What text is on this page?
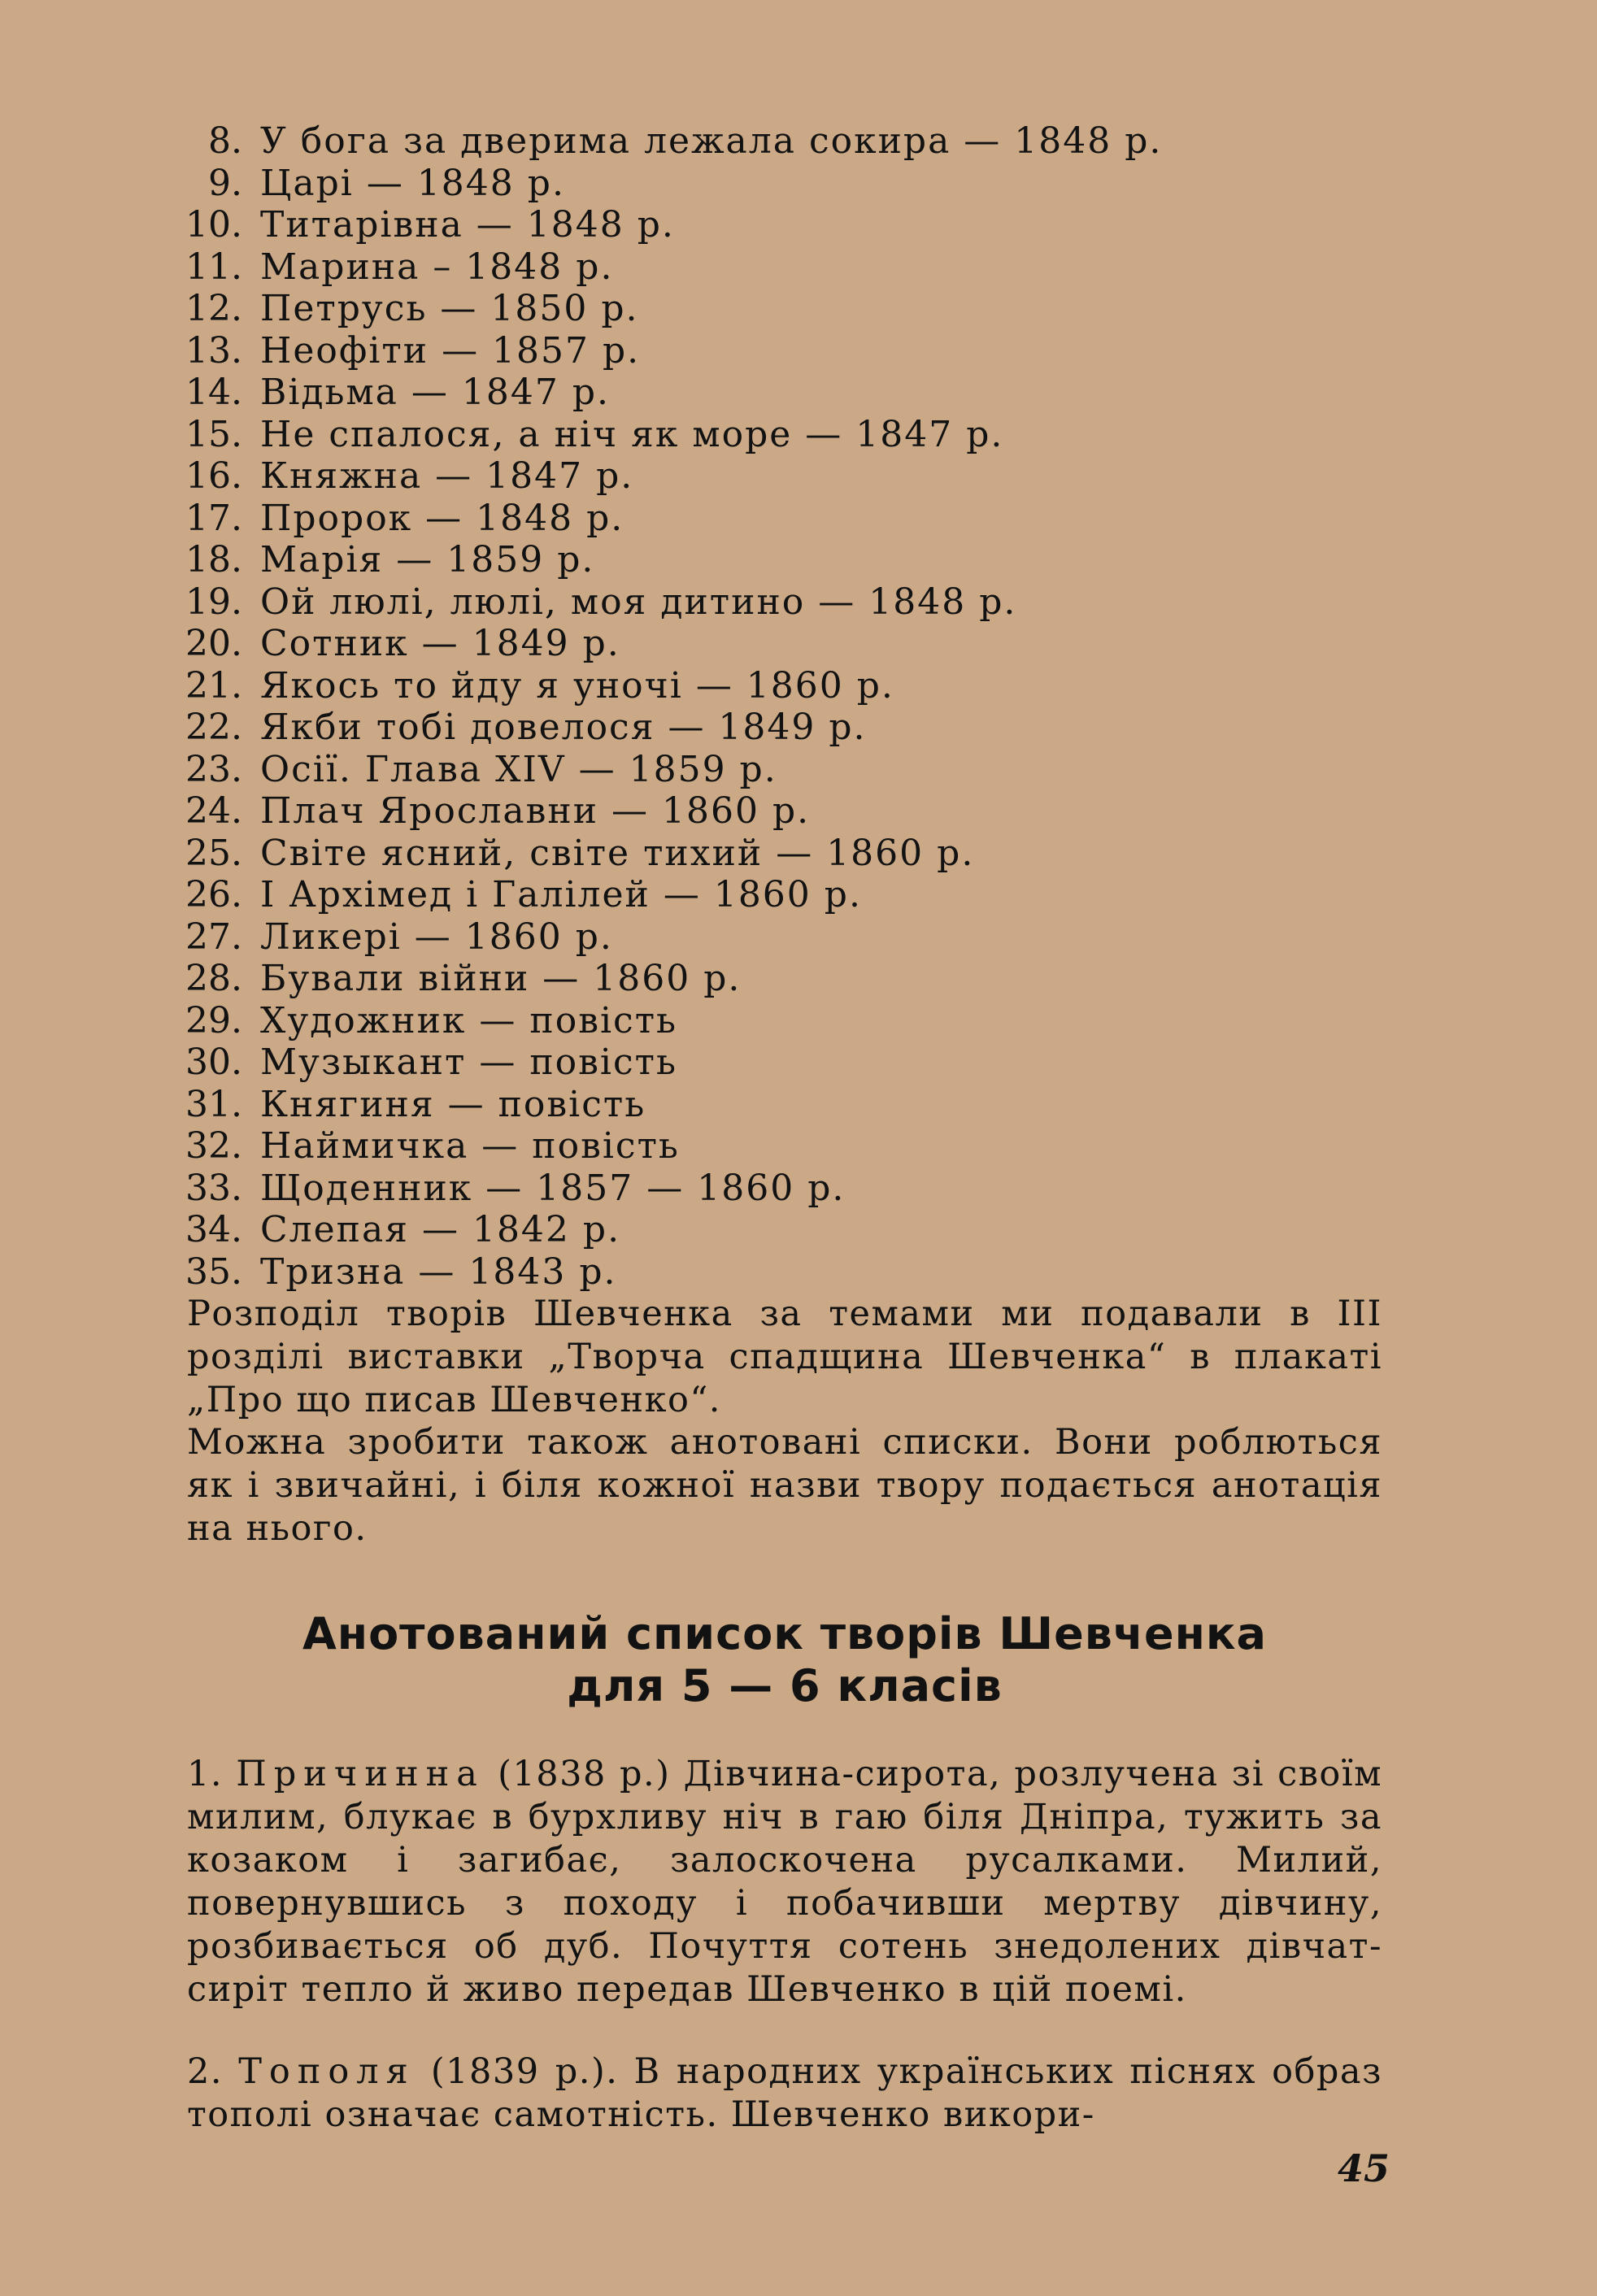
8. У бога за дверима лежала сокира — 1848 р.
9. Царі — 1848 р.
10. Титарівна — 1848 р.
11. Марина – 1848 р.
12. Петрусь — 1850 р.
13. Неофіти — 1857 р.
14. Відьма — 1847 р.
15. Не спалося, а ніч як море — 1847 р.
16. Княжна — 1847 р.
17. Пророк — 1848 р.
18. Марія — 1859 р.
19. Ой люлі, люлі, моя дитино — 1848 р.
20. Сотник — 1849 р.
21. Якось то йду я уночі — 1860 р.
22. Якби тобі довелося — 1849 р.
23. Осії. Глава XIV — 1859 р.
24. Плач Ярославни — 1860 р.
25. Світе ясний, світе тихий — 1860 р.
26. І Архімед і Галілей — 1860 р.
27. Ликері — 1860 р.
28. Бували війни — 1860 р.
29. Художник — повість
30. Музыкант — повість
31. Княгиня — повість
32. Наймичка — повість
33. Щоденник — 1857 — 1860 р.
34. Слепая — 1842 р.
35. Тризна — 1843 р.

Розподіл творів Шевченка за темами ми подавали в ІІІ розділі виставки „Творча спадщина Шевченка“ в плакаті „Про що писав Шевченко“.

Можна зробити також анотовані списки. Вони роблються як і звичайні, і біля кожної назви твору подається анотація на нього.

Анотований список творів Шевченка
для 5 — 6 класів

1. Причинна (1838 р.) Дівчина-сирота, розлучена зі своїм милим, блукає в бурхливу ніч в гаю біля Дніпра, тужить за козаком і загибає, залоскочена русалками. Милий, повернувшись з походу і побачивши мертву дівчину, розбивається об дуб. Почуття сотень знедолених дівчат-сиріт тепло й живо передав Шевченко в цій поемі.

2. Тополя (1839 р.). В народних українських піснях образ тополі означає самотність. Шевченко викори-

45
